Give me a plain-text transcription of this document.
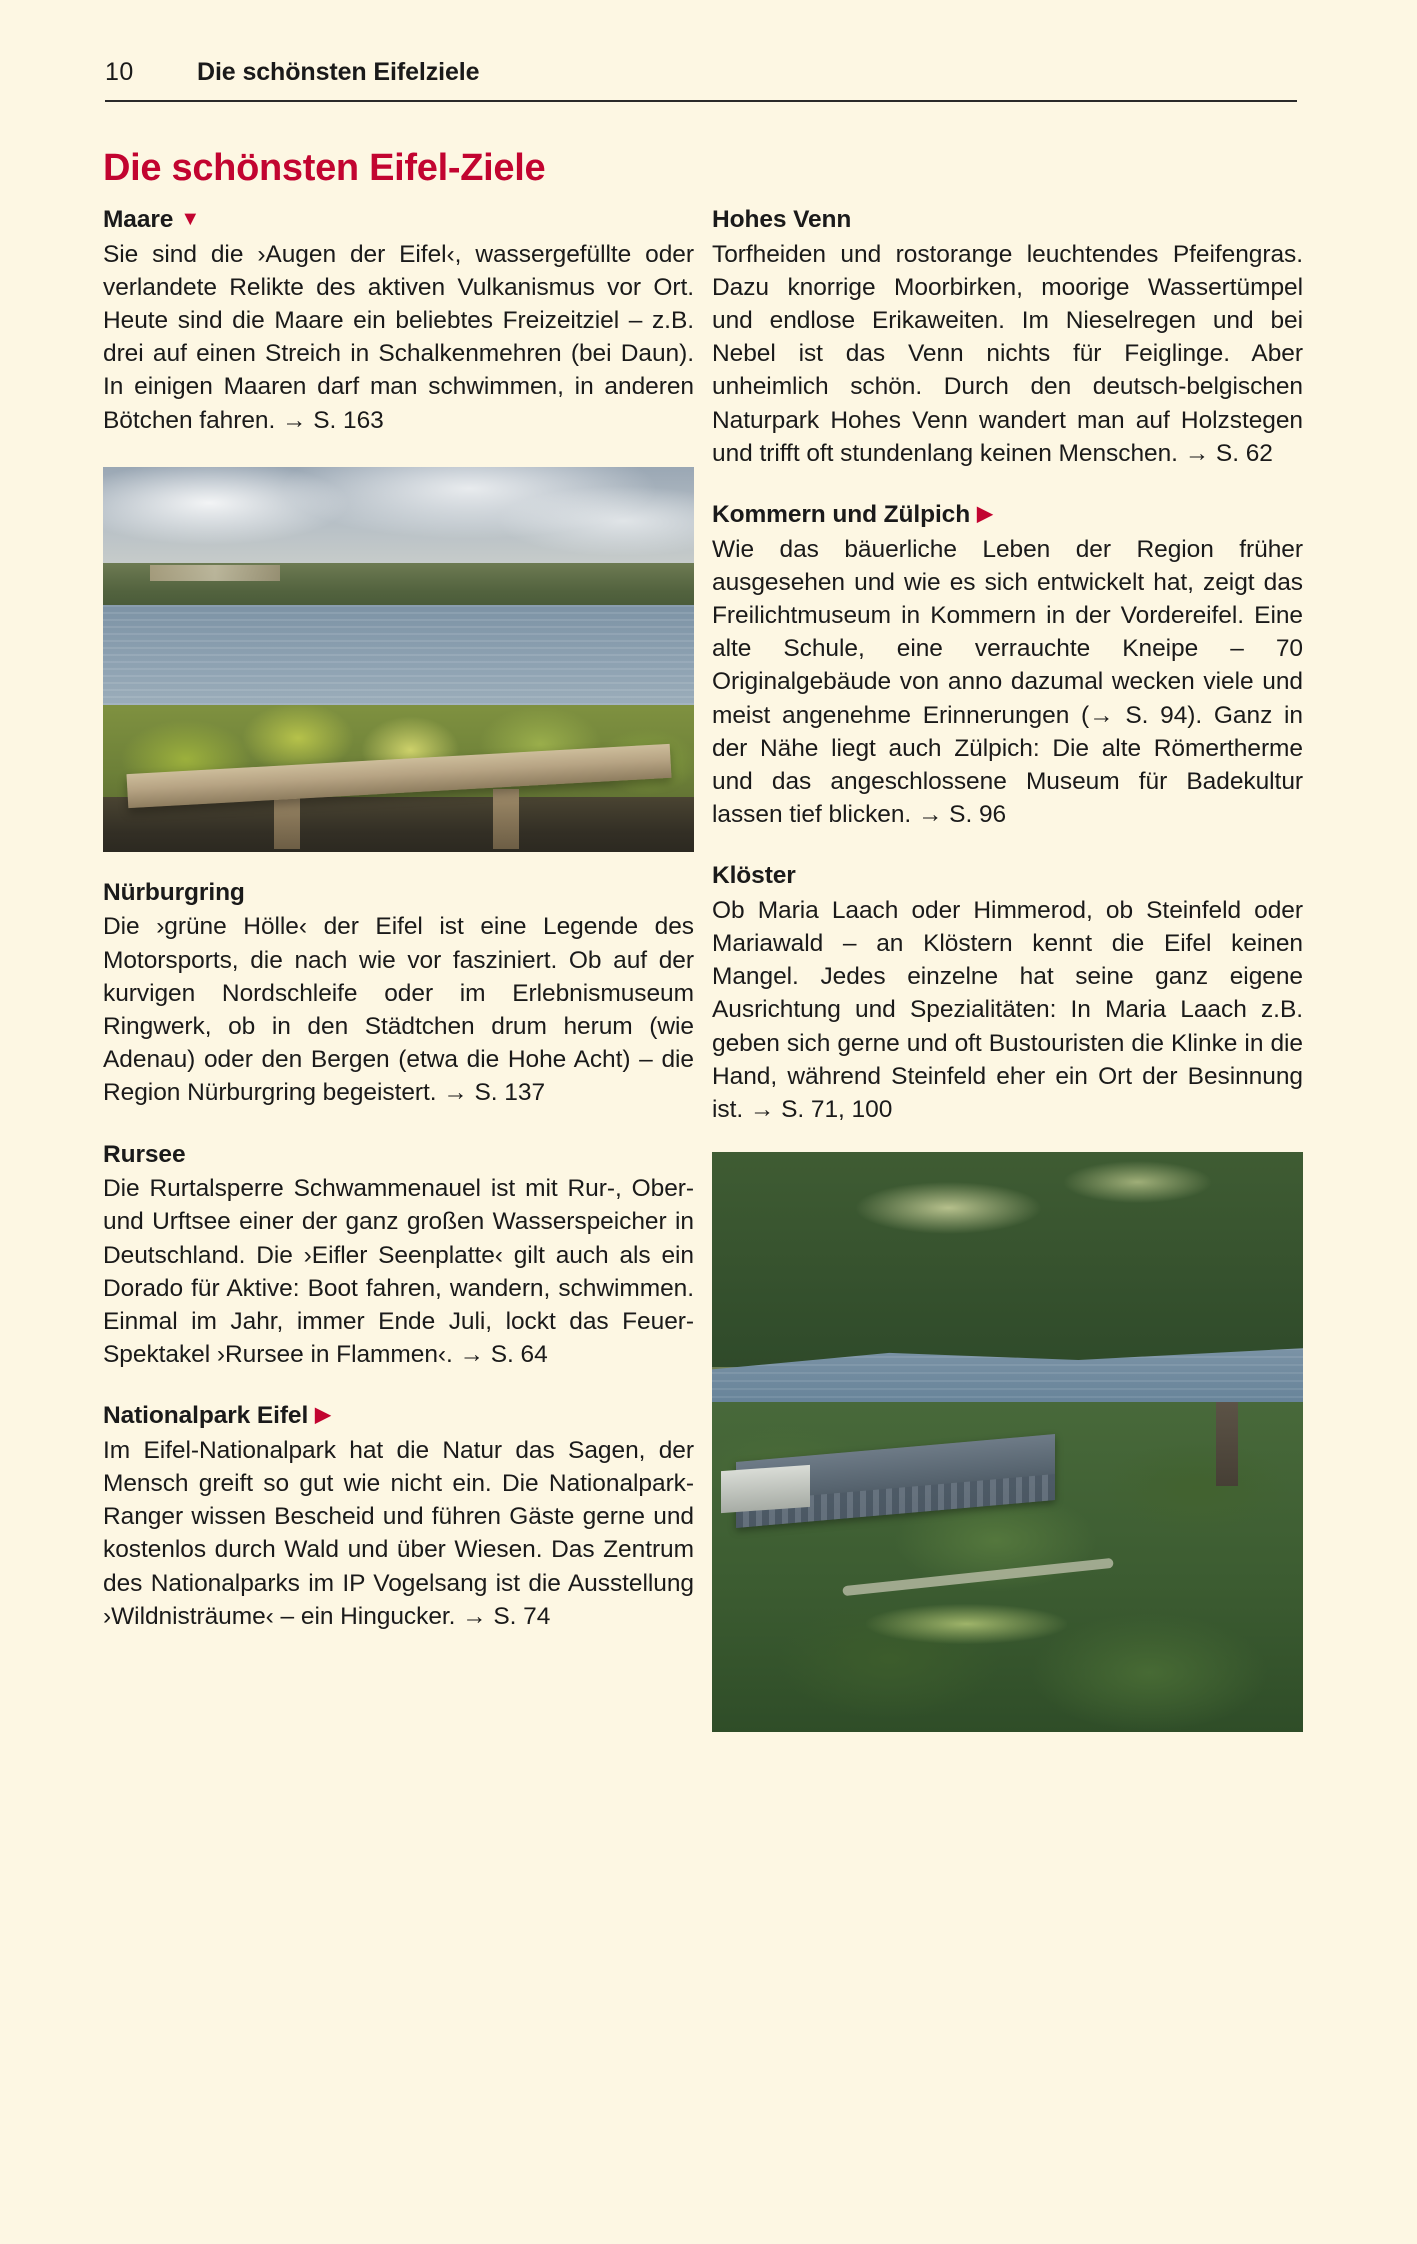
10	Die schönsten Eifelziele
Die schönsten Eifel-Ziele
Maare ▼

Sie sind die ›Augen der Eifel‹, wassergefüllte oder verlandete Relikte des aktiven Vulkanismus vor Ort. Heute sind die Maare ein beliebtes Freizeitziel – z.B. drei auf einen Streich in Schalkenmehren (bei Daun). In einigen Maaren darf man schwimmen, in anderen Bötchen fahren. → S. 163

Nürburgring

Die ›grüne Hölle‹ der Eifel ist eine Legende des Motorsports, die nach wie vor fasziniert. Ob auf der kurvigen Nordschleife oder im Erlebnismuseum Ringwerk, ob in den Städtchen drum herum (wie Adenau) oder den Bergen (etwa die Hohe Acht) – die Region Nürburgring begeistert. → S. 137

Rursee

Die Rurtalsperre Schwammenauel ist mit Rur-, Ober- und Urftsee einer der ganz großen Wasserspeicher in Deutschland. Die ›Eifler Seenplatte‹ gilt auch als ein Dorado für Aktive: Boot fahren, wandern, schwimmen. Einmal im Jahr, immer Ende Juli, lockt das Feuer-Spektakel ›Rursee in Flammen‹. → S. 64

Nationalpark Eifel ▶

Im Eifel-Nationalpark hat die Natur das Sagen, der Mensch greift so gut wie nicht ein. Die Nationalpark-Ranger wissen Bescheid und führen Gäste gerne und kostenlos durch Wald und über Wiesen. Das Zentrum des Nationalparks im IP Vogelsang ist die Ausstellung ›Wildnisträume‹ – ein Hingucker. → S. 74

Hohes Venn

Torfheiden und rostorange leuchtendes Pfeifengras. Dazu knorrige Moorbirken, moorige Wassertümpel und endlose Erikaweiten. Im Nieselregen und bei Nebel ist das Venn nichts für Feiglinge. Aber unheimlich schön. Durch den deutsch-belgischen Naturpark Hohes Venn wandert man auf Holzstegen und trifft oft stundenlang keinen Menschen. → S. 62

Kommern und Zülpich ▶

Wie das bäuerliche Leben der Region früher ausgesehen und wie es sich entwickelt hat, zeigt das Freilichtmuseum in Kommern in der Vordereifel. Eine alte Schule, eine verrauchte Kneipe – 70 Originalgebäude von anno dazumal wecken viele und meist angenehme Erinnerungen (→ S. 94). Ganz in der Nähe liegt auch Zülpich: Die alte Römertherme und das angeschlossene Museum für Badekultur lassen tief blicken. → S. 96

Klöster

Ob Maria Laach oder Himmerod, ob Steinfeld oder Mariawald – an Klöstern kennt die Eifel keinen Mangel. Jedes einzelne hat seine ganz eigene Ausrichtung und Spezialitäten: In Maria Laach z.B. geben sich gerne und oft Bustouristen die Klinke in die Hand, während Steinfeld eher ein Ort der Besinnung ist. → S. 71, 100
